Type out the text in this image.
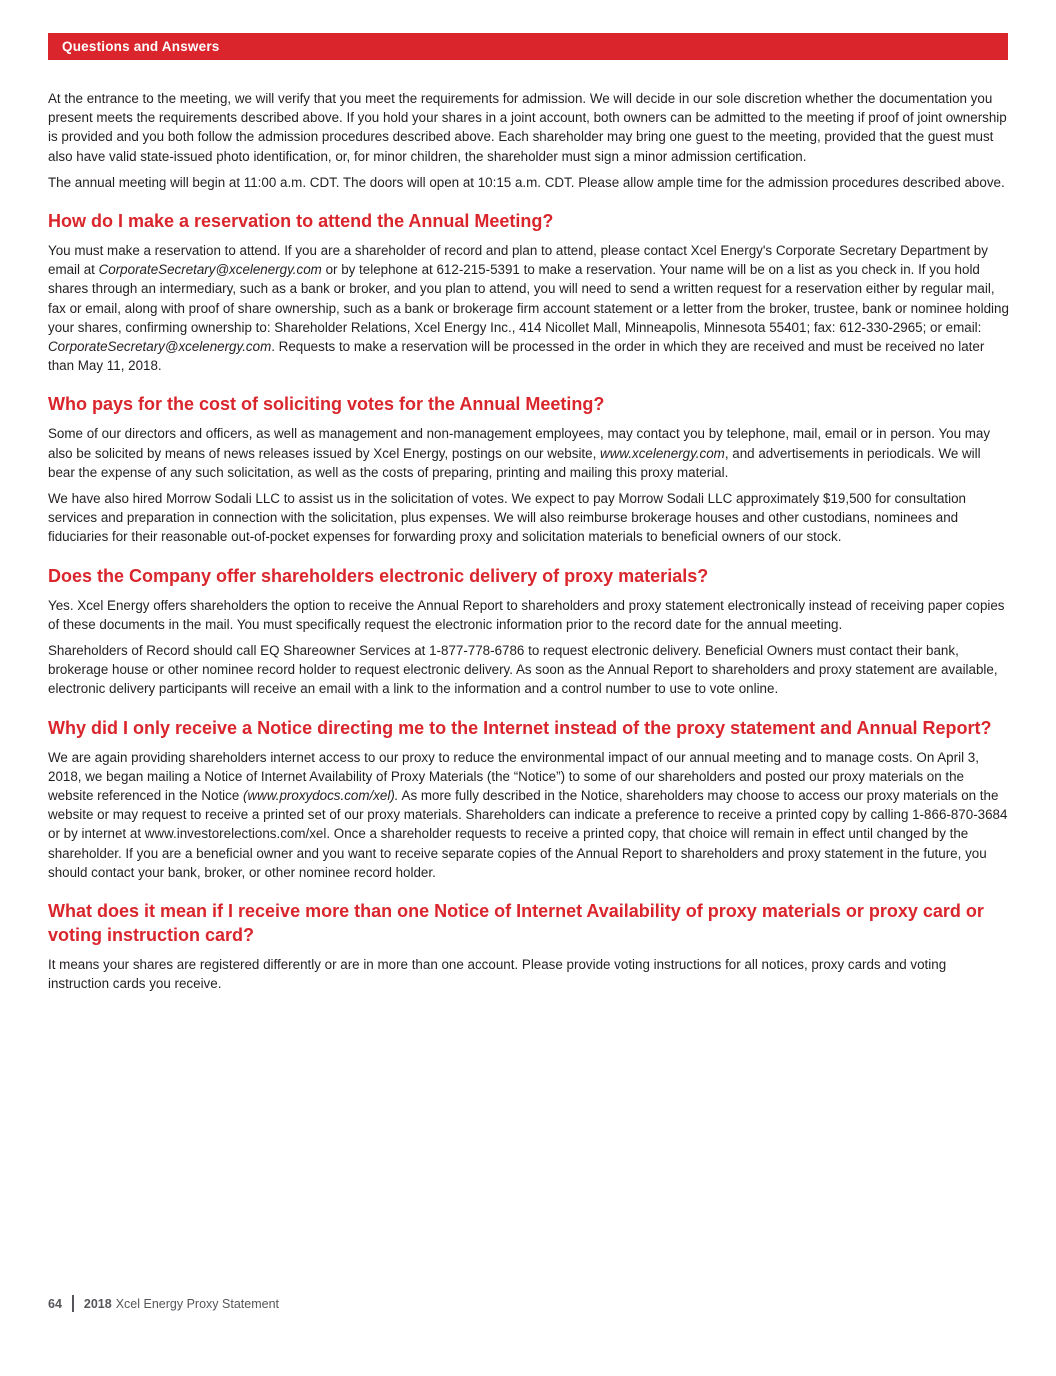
Questions and Answers

At the entrance to the meeting, we will verify that you meet the requirements for admission. We will decide in our sole discretion whether the documentation you present meets the requirements described above. If you hold your shares in a joint account, both owners can be admitted to the meeting if proof of joint ownership is provided and you both follow the admission procedures described above. Each shareholder may bring one guest to the meeting, provided that the guest must also have valid state-issued photo identification, or, for minor children, the shareholder must sign a minor admission certification.

The annual meeting will begin at 11:00 a.m. CDT. The doors will open at 10:15 a.m. CDT. Please allow ample time for the admission procedures described above.

How do I make a reservation to attend the Annual Meeting?

You must make a reservation to attend. If you are a shareholder of record and plan to attend, please contact Xcel Energy's Corporate Secretary Department by email at CorporateSecretary@xcelenergy.com or by telephone at 612-215-5391 to make a reservation. Your name will be on a list as you check in. If you hold shares through an intermediary, such as a bank or broker, and you plan to attend, you will need to send a written request for a reservation either by regular mail, fax or email, along with proof of share ownership, such as a bank or brokerage firm account statement or a letter from the broker, trustee, bank or nominee holding your shares, confirming ownership to: Shareholder Relations, Xcel Energy Inc., 414 Nicollet Mall, Minneapolis, Minnesota 55401; fax: 612-330-2965; or email: CorporateSecretary@xcelenergy.com. Requests to make a reservation will be processed in the order in which they are received and must be received no later than May 11, 2018.

Who pays for the cost of soliciting votes for the Annual Meeting?

Some of our directors and officers, as well as management and non-management employees, may contact you by telephone, mail, email or in person. You may also be solicited by means of news releases issued by Xcel Energy, postings on our website, www.xcelenergy.com, and advertisements in periodicals. We will bear the expense of any such solicitation, as well as the costs of preparing, printing and mailing this proxy material.

We have also hired Morrow Sodali LLC to assist us in the solicitation of votes. We expect to pay Morrow Sodali LLC approximately $19,500 for consultation services and preparation in connection with the solicitation, plus expenses. We will also reimburse brokerage houses and other custodians, nominees and fiduciaries for their reasonable out-of-pocket expenses for forwarding proxy and solicitation materials to beneficial owners of our stock.

Does the Company offer shareholders electronic delivery of proxy materials?

Yes. Xcel Energy offers shareholders the option to receive the Annual Report to shareholders and proxy statement electronically instead of receiving paper copies of these documents in the mail. You must specifically request the electronic information prior to the record date for the annual meeting.

Shareholders of Record should call EQ Shareowner Services at 1-877-778-6786 to request electronic delivery. Beneficial Owners must contact their bank, brokerage house or other nominee record holder to request electronic delivery. As soon as the Annual Report to shareholders and proxy statement are available, electronic delivery participants will receive an email with a link to the information and a control number to use to vote online.

Why did I only receive a Notice directing me to the Internet instead of the proxy statement and Annual Report?

We are again providing shareholders internet access to our proxy to reduce the environmental impact of our annual meeting and to manage costs. On April 3, 2018, we began mailing a Notice of Internet Availability of Proxy Materials (the “Notice”) to some of our shareholders and posted our proxy materials on the website referenced in the Notice (www.proxydocs.com/xel). As more fully described in the Notice, shareholders may choose to access our proxy materials on the website or may request to receive a printed set of our proxy materials. Shareholders can indicate a preference to receive a printed copy by calling 1-866-870-3684 or by internet at www.investorelections.com/xel. Once a shareholder requests to receive a printed copy, that choice will remain in effect until changed by the shareholder. If you are a beneficial owner and you want to receive separate copies of the Annual Report to shareholders and proxy statement in the future, you should contact your bank, broker, or other nominee record holder.

What does it mean if I receive more than one Notice of Internet Availability of proxy materials or proxy card or voting instruction card?

It means your shares are registered differently or are in more than one account. Please provide voting instructions for all notices, proxy cards and voting instruction cards you receive.

64 2018 Xcel Energy Proxy Statement
